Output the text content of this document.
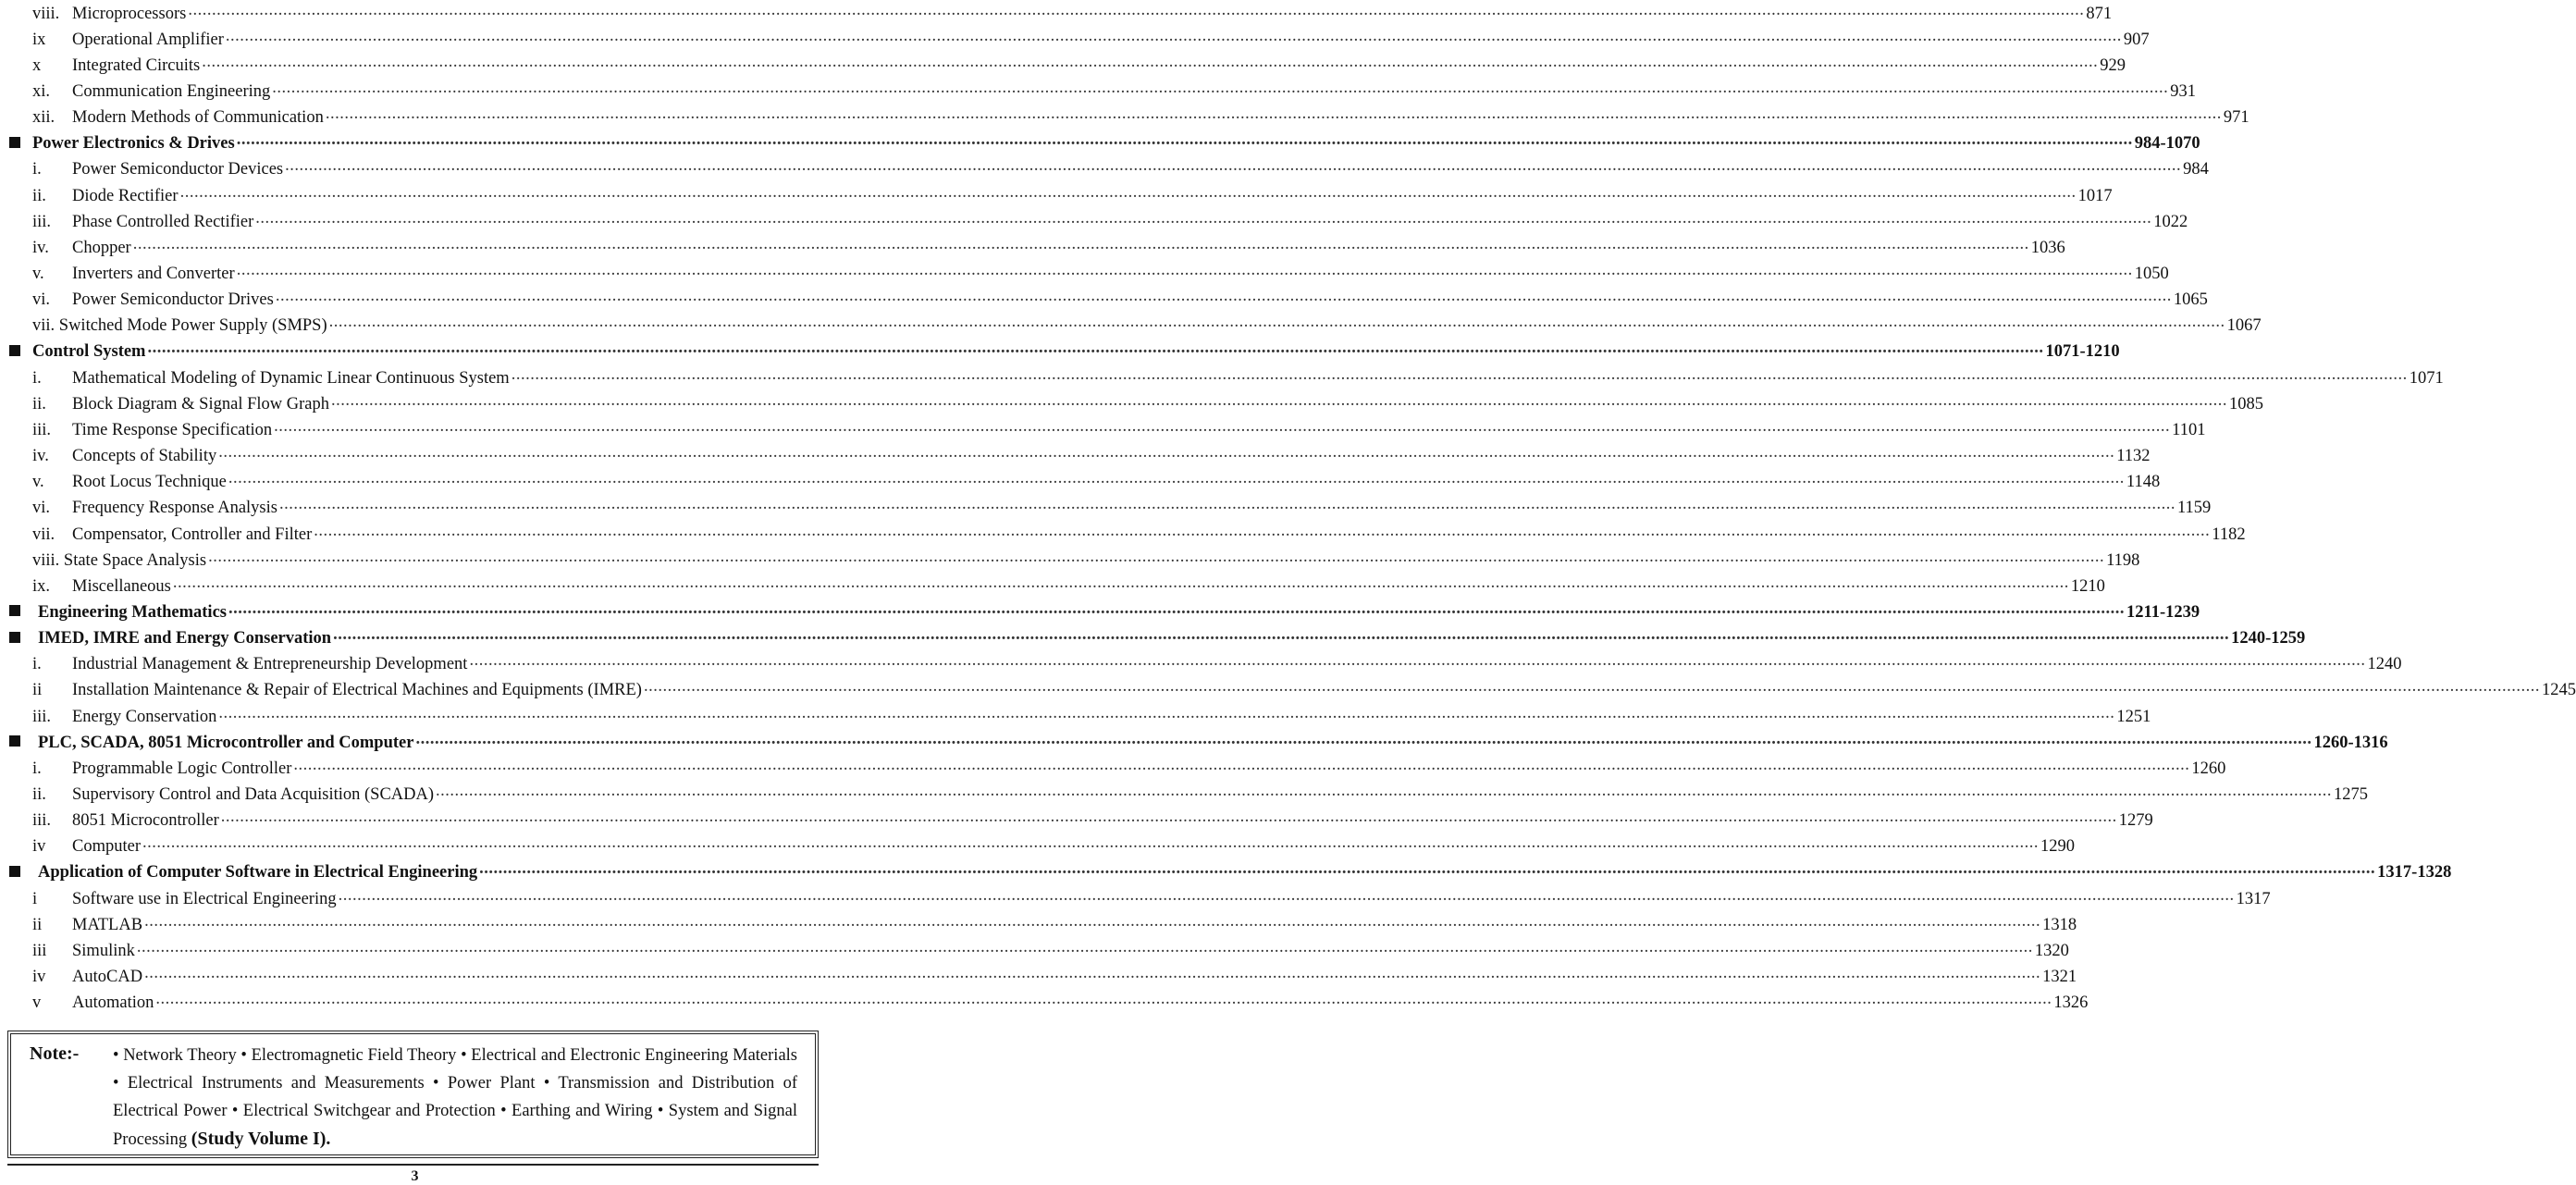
viii. Microprocessors ................................................................................................................................................................................................................................................................................................................................................................................................................ 871
ix Operational Amplifier ................................................................................................................................................................................................................................................................................................................................................................................................................ 907
x Integrated Circuits ................................................................................................................................................................................................................................................................................................................................................................................................................ 929
xi. Communication Engineering ................................................................................................................................................................................................................................................................................................................................................................................................................ 931
xii. Modern Methods of Communication ................................................................................................................................................................................................................................................................................................................................................................................................................ 971
Power Electronics & Drives ................................................................................................................................................................................................................................................................................................................................................................................................................ 984-1070
i. Power Semiconductor Devices ................................................................................................................................................................................................................................................................................................................................................................................................................ 984
ii. Diode Rectifier ................................................................................................................................................................................................................................................................................................................................................................................................................ 1017
iii. Phase Controlled Rectifier ................................................................................................................................................................................................................................................................................................................................................................................................................ 1022
iv. Chopper ................................................................................................................................................................................................................................................................................................................................................................................................................ 1036
v. Inverters and Converter ................................................................................................................................................................................................................................................................................................................................................................................................................ 1050
vi. Power Semiconductor Drives ................................................................................................................................................................................................................................................................................................................................................................................................................ 1065
vii. Switched Mode Power Supply (SMPS) ................................................................................................................................................................................................................................................................................................................................................................................................................ 1067
Control System ................................................................................................................................................................................................................................................................................................................................................................................................................ 1071-1210
i. Mathematical Modeling of Dynamic Linear Continuous System ................................................................................................................................................................................................................................................................................................................................................................................................................ 1071
ii. Block Diagram & Signal Flow Graph ................................................................................................................................................................................................................................................................................................................................................................................................................ 1085
iii. Time Response Specification ................................................................................................................................................................................................................................................................................................................................................................................................................ 1101
iv. Concepts of Stability ................................................................................................................................................................................................................................................................................................................................................................................................................ 1132
v. Root Locus Technique ................................................................................................................................................................................................................................................................................................................................................................................................................ 1148
vi. Frequency Response Analysis ................................................................................................................................................................................................................................................................................................................................................................................................................ 1159
vii. Compensator, Controller and Filter ................................................................................................................................................................................................................................................................................................................................................................................................................ 1182
viii. State Space Analysis ................................................................................................................................................................................................................................................................................................................................................................................................................ 1198
ix. Miscellaneous ................................................................................................................................................................................................................................................................................................................................................................................................................ 1210
Engineering Mathematics ................................................................................................................................................................................................................................................................................................................................................................................................................ 1211-1239
IMED, IMRE and Energy Conservation ................................................................................................................................................................................................................................................................................................................................................................................................................ 1240-1259
i. Industrial Management & Entrepreneurship Development ................................................................................................................................................................................................................................................................................................................................................................................................................ 1240
ii Installation Maintenance & Repair of Electrical Machines and Equipments (IMRE) ................................................................................................................................................................................................................................................................................................................................................................................................................ 1245
iii. Energy Conservation ................................................................................................................................................................................................................................................................................................................................................................................................................ 1251
PLC, SCADA, 8051 Microcontroller and Computer ................................................................................................................................................................................................................................................................................................................................................................................................................ 1260-1316
i. Programmable Logic Controller ................................................................................................................................................................................................................................................................................................................................................................................................................ 1260
ii. Supervisory Control and Data Acquisition (SCADA) ................................................................................................................................................................................................................................................................................................................................................................................................................ 1275
iii. 8051 Microcontroller ................................................................................................................................................................................................................................................................................................................................................................................................................ 1279
iv Computer ................................................................................................................................................................................................................................................................................................................................................................................................................ 1290
Application of Computer Software in Electrical Engineering ................................................................................................................................................................................................................................................................................................................................................................................................................ 1317-1328
i Software use in Electrical Engineering ................................................................................................................................................................................................................................................................................................................................................................................................................ 1317
ii MATLAB ................................................................................................................................................................................................................................................................................................................................................................................................................ 1318
iii Simulink ................................................................................................................................................................................................................................................................................................................................................................................................................ 1320
iv AutoCAD ................................................................................................................................................................................................................................................................................................................................................................................................................ 1321
v Automation ................................................................................................................................................................................................................................................................................................................................................................................................................ 1326
Note:- • Network Theory • Electromagnetic Field Theory • Electrical and Electronic Engineering Materials • Electrical Instruments and Measurements • Power Plant • Transmission and Distribution of Electrical Power • Electrical Switchgear and Protection • Earthing and Wiring • System and Signal Processing (Study Volume I).
3
